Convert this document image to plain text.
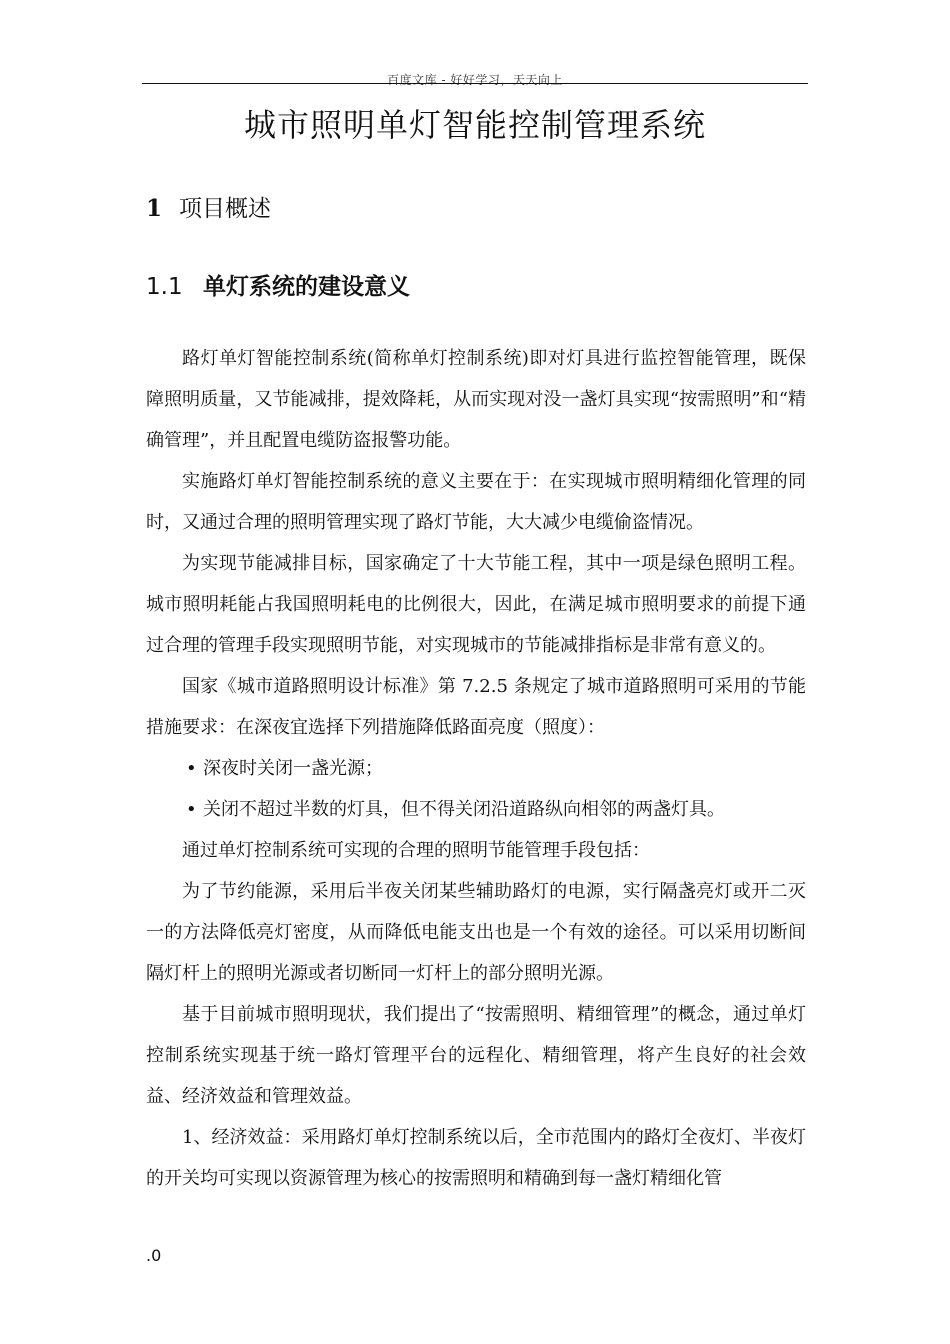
百度文库 - 好好学习，天天向上
城市照明单灯智能控制管理系统
1 项目概述
1.1 单灯系统的建设意义

路灯单灯智能控制系统(简称单灯控制系统)即对灯具进行监控智能管理，既保障照明质量，又节能减排，提效降耗，从而实现对没一盏灯具实现“按需照明”和“精确管理”，并且配置电缆防盗报警功能。

实施路灯单灯智能控制系统的意义主要在于：在实现城市照明精细化管理的同时，又通过合理的照明管理实现了路灯节能，大大减少电缆偷盗情况。

为实现节能减排目标，国家确定了十大节能工程，其中一项是绿色照明工程。城市照明耗能占我国照明耗电的比例很大，因此，在满足城市照明要求的前提下通过合理的管理手段实现照明节能，对实现城市的节能减排指标是非常有意义的。

国家《城市道路照明设计标准》第 7.2.5 条规定了城市道路照明可采用的节能措施要求：在深夜宜选择下列措施降低路面亮度（照度）：

• 深夜时关闭一盏光源；
• 关闭不超过半数的灯具，但不得关闭沿道路纵向相邻的两盏灯具。

通过单灯控制系统可实现的合理的照明节能管理手段包括：

为了节约能源，采用后半夜关闭某些辅助路灯的电源，实行隔盏亮灯或开二灭一的方法降低亮灯密度，从而降低电能支出也是一个有效的途径。可以采用切断间隔灯杆上的照明光源或者切断同一灯杆上的部分照明光源。

基于目前城市照明现状，我们提出了“按需照明、精细管理”的概念，通过单灯控制系统实现基于统一路灯管理平台的远程化、精细管理，将产生良好的社会效益、经济效益和管理效益。

1、经济效益：采用路灯单灯控制系统以后，全市范围内的路灯全夜灯、半夜灯的开关均可实现以资源管理为核心的按需照明和精确到每一盏灯精细化管

.0
